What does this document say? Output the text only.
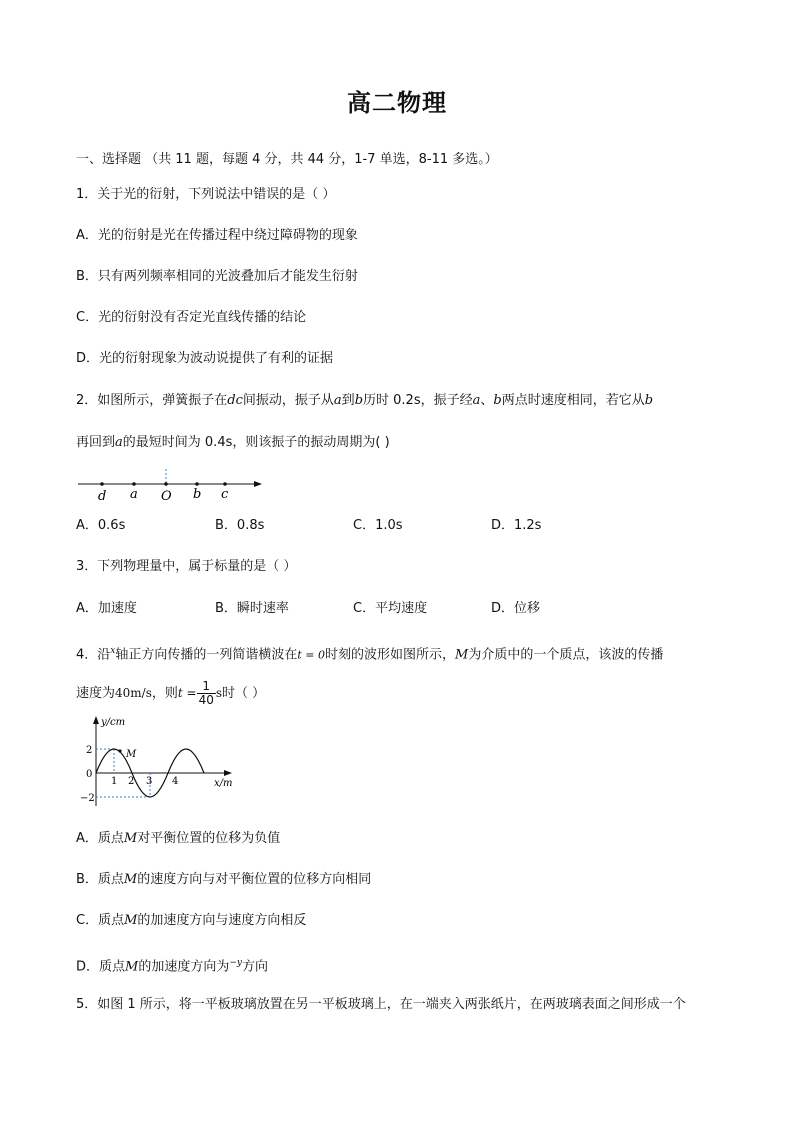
高二物理
一、选择题 （共 11 题，每题 4 分，共 44 分，1-7 单选，8-11 多选。）
1．关于光的衍射，下列说法中错误的是（ ）
A．光的衍射是光在传播过程中绕过障碍物的现象
B．只有两列频率相同的光波叠加后才能发生衍射
C．光的衍射没有否定光直线传播的结论
D．光的衍射现象为波动说提供了有利的证据
2．如图所示，弹簧振子在dc间振动，振子从a到b历时 0.2s，振子经a、b两点时速度相同，若它从b
再回到a的最短时间为 0.4s，则该振子的振动周期为( )
d a O b c
A．0.6s	B．0.8s	C．1.0s	D．1.2s
3．下列物理量中，属于标量的是（ ）
A．加速度	B．瞬时速率	C．平均速度	D．位移
4．沿$^x$轴正方向传播的一列简谐横波在t = 0时刻的波形如图所示，M为介质中的一个质点，该波的传播
速度为40m/s，则$t = \frac{1}{40}$ s时（ ）
y/cm
x/m
2
0
−2
1 2 3 4
M
A．质点M对平衡位置的位移为负值
B．质点M的速度方向与对平衡位置的位移方向相同
C．质点M的加速度方向与速度方向相反
D．质点M的加速度方向为$^{-y}$方向
5．如图 1 所示，将一平板玻璃放置在另一平板玻璃上，在一端夹入两张纸片，在两玻璃表面之间形成一个
